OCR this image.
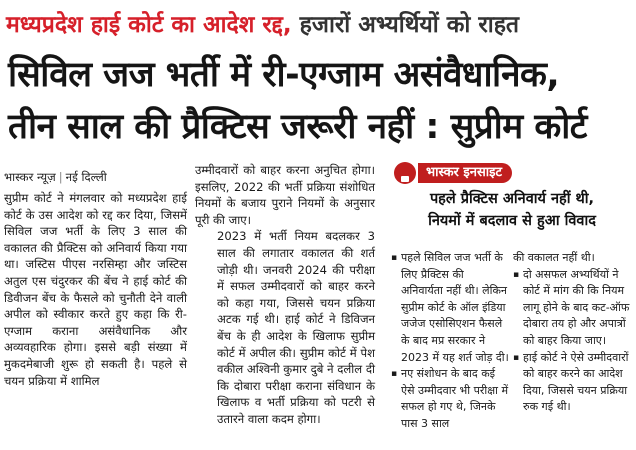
मध्यप्रदेश हाई कोर्ट का आदेश रद्द, हजारों अभ्यर्थियों को राहत
सिविल जज भर्ती में री-एग्जाम असंवैधानिक,
तीन साल की प्रैक्टिस जरूरी नहीं : सुप्रीम कोर्ट
भास्कर न्यूज़ | नई दिल्ली

सुप्रीम कोर्ट ने मंगलवार को मध्यप्रदेश हाई कोर्ट के उस आदेश को रद्द कर दिया, जिसमें सिविल जज भर्ती के लिए 3 साल की वकालत की प्रैक्टिस को अनिवार्य किया गया था। जस्टिस पीएस नरसिम्हा और जस्टिस अतुल एस चंदुरकर की बेंच ने हाई कोर्ट की डिवीजन बेंच के फैसले को चुनौती देने वाली अपील को स्वीकार करते हुए कहा कि री-एग्जाम कराना असंवैधानिक और अव्यवहारिक होगा। इससे बड़ी संख्या में मुकदमेबाजी शुरू हो सकती है। पहले से चयन प्रक्रिया में शामिल

उम्मीदवारों को बाहर करना अनुचित होगा। इसलिए, 2022 की भर्ती प्रक्रिया संशोधित नियमों के बजाय पुराने नियमों के अनुसार पूरी की जाए।

2023 में भर्ती नियम बदलकर 3 साल की लगातार वकालत की शर्त जोड़ी थी। जनवरी 2024 की परीक्षा में सफल उम्मीदवारों को बाहर करने को कहा गया, जिससे चयन प्रक्रिया अटक गई थी। हाई कोर्ट ने डिविजन बेंच के ही आदेश के खिलाफ सुप्रीम कोर्ट में अपील की। सुप्रीम कोर्ट में पेश वकील अश्विनी कुमार दुबे ने दलील दी कि दोबारा परीक्षा कराना संविधान के खिलाफ व भर्ती प्रक्रिया को पटरी से उतारने वाला कदम होगा।

भास्कर इनसाइट
पहले प्रैक्टिस अनिवार्य नहीं थी,
नियमों में बदलाव से हुआ विवाद
▪ पहले सिविल जज भर्ती के लिए प्रैक्टिस की अनिवार्यता नहीं थी। लेकिन सुप्रीम कोर्ट के ऑल इंडिया जजेज एसोसिएशन फैसले के बाद मप्र सरकार ने 2023 में यह शर्त जोड़ दी।
▪ नए संशोधन के बाद कई ऐसे उम्मीदवार भी परीक्षा में सफल हो गए थे, जिनके पास 3 साल
की वकालत नहीं थी।
▪ दो असफल अभ्यर्थियों ने कोर्ट में मांग की कि नियम लागू होने के बाद कट-ऑफ दोबारा तय हो और अपात्रों को बाहर किया जाए।
▪ हाई कोर्ट ने ऐसे उम्मीदवारों को बाहर करने का आदेश दिया, जिससे चयन प्रक्रिया रुक गई थी।
